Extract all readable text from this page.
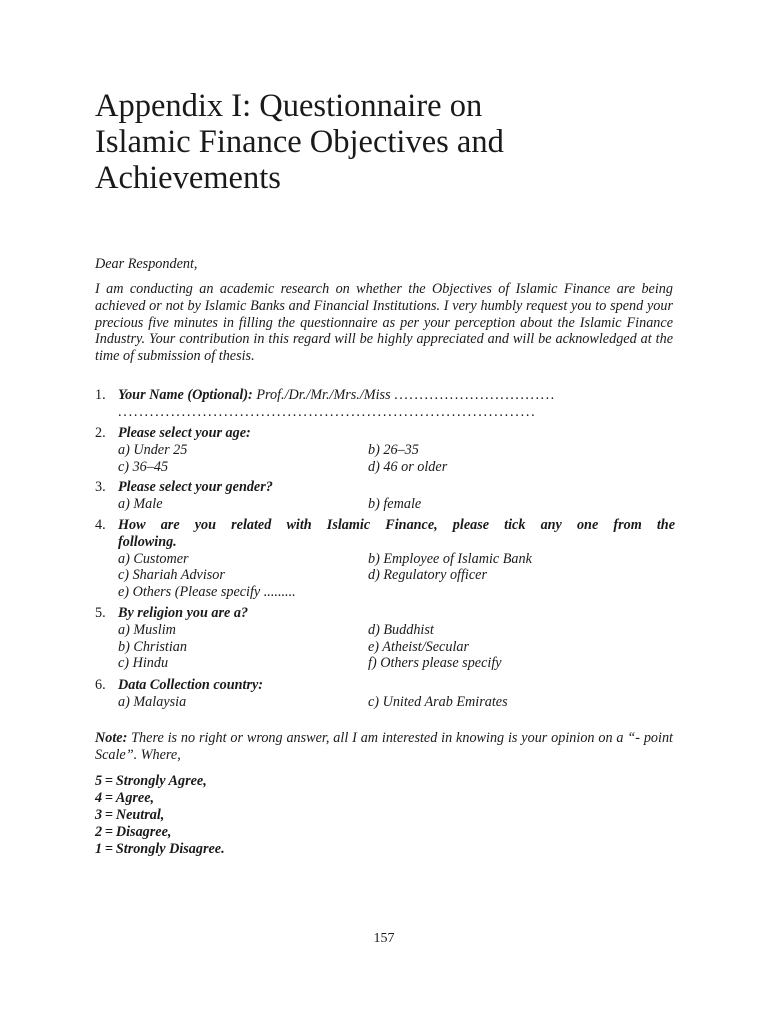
Appendix I: Questionnaire on
Islamic Finance Objectives and
Achievements
Dear Respondent,
I am conducting an academic research on whether the Objectives of Islamic Finance are being achieved or not by Islamic Banks and Financial Institutions. I very humbly request you to spend your precious five minutes in filling the questionnaire as per your perception about the Islamic Finance Industry. Your contribution in this regard will be highly appreciated and will be acknowledged at the time of submission of thesis.
1. Your Name (Optional): Prof./Dr./Mr./Mrs./Miss ................................
...............................................................................
2. Please select your age:
a) Under 25	b) 26–35
c) 36–45	d) 46 or older
3. Please select your gender?
a) Male	b) female
4. How are you related with Islamic Finance, please tick any one from the
following.
a) Customer	b) Employee of Islamic Bank
c) Shariah Advisor	d) Regulatory officer
e) Others (Please specify .........
5. By religion you are a?
a) Muslim	d) Buddhist
b) Christian	e) Atheist/Secular
c) Hindu	f) Others please specify
6. Data Collection country:
a) Malaysia	c) United Arab Emirates
Note: There is no right or wrong answer, all I am interested in knowing is your opinion on a “- point Scale”. Where,
5 = Strongly Agree,
4 = Agree,
3 = Neutral,
2 = Disagree,
1 = Strongly Disagree.
157
